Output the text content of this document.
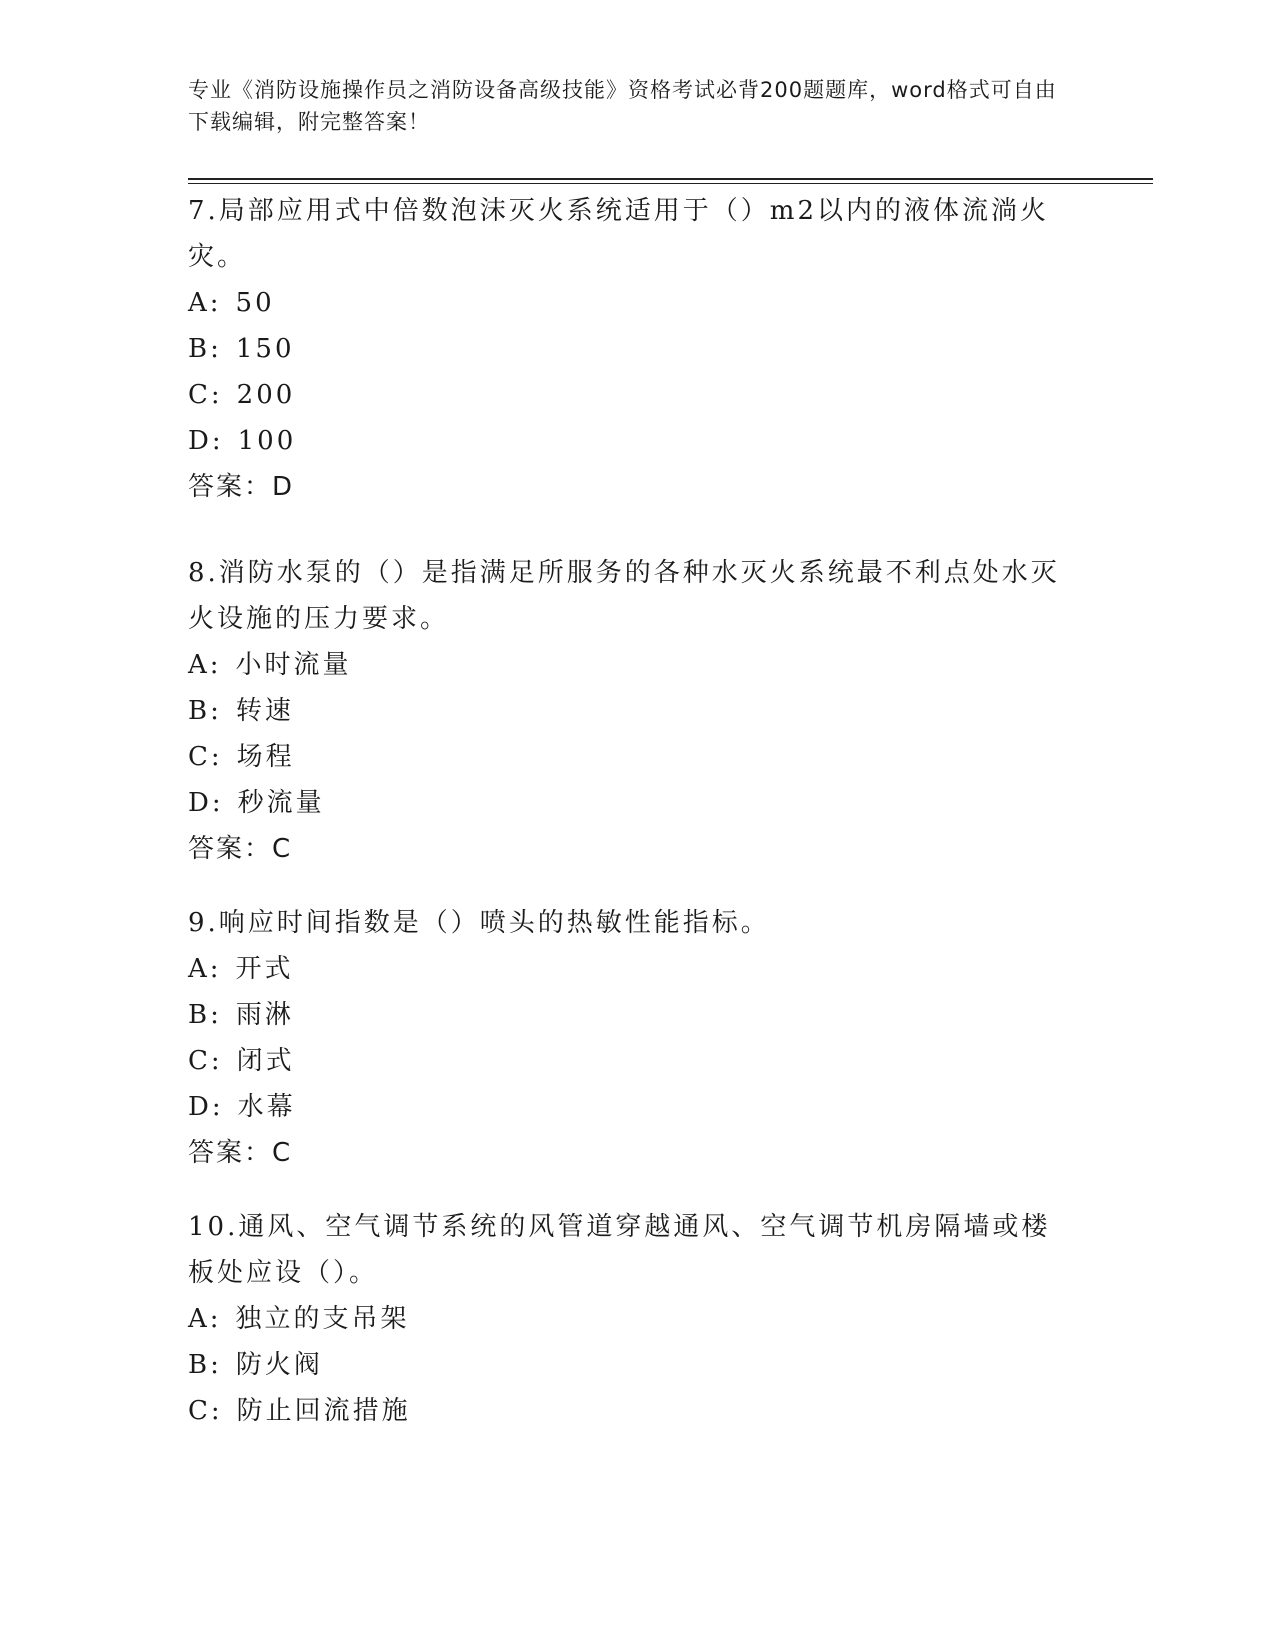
专业《消防设施操作员之消防设备高级技能》资格考试必背200题题库，word格式可自由下载编辑，附完整答案！

7.局部应用式中倍数泡沫灭火系统适用于（）m2以内的液体流淌火灾。

A: 50

B: 150

C: 200

D: 100

答案：D

8.消防水泵的（）是指满足所服务的各种水灭火系统最不利点处水灭火设施的压力要求。

A: 小时流量

B: 转速

C: 场程

D: 秒流量

答案：C

9.响应时间指数是（）喷头的热敏性能指标。

A: 开式

B: 雨淋

C: 闭式

D: 水幕

答案：C

10.通风、空气调节系统的风管道穿越通风、空气调节机房隔墙或楼板处应设（）。

A: 独立的支吊架

B: 防火阀

C: 防止回流措施
